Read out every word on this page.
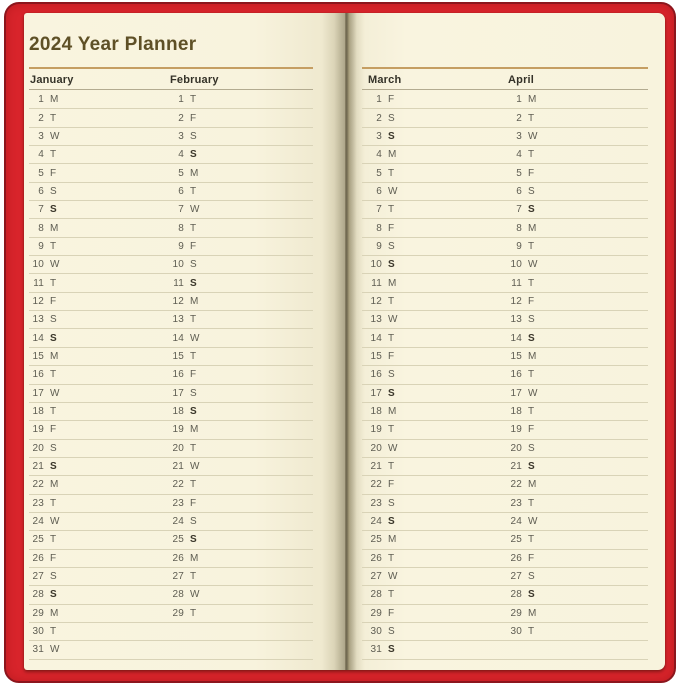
2024 Year Planner
January	February
1 M	1 T
2 T	2 F
3 W	3 S
4 T	4 S
5 F	5 M
6 S	6 T
7 S	7 W
8 M	8 T
9 T	9 F
10 W	10 S
11 T	11 S
12 F	12 M
13 S	13 T
14 S	14 W
15 M	15 T
16 T	16 F
17 W	17 S
18 T	18 S
19 F	19 M
20 S	20 T
21 S	21 W
22 M	22 T
23 T	23 F
24 W	24 S
25 T	25 S
26 F	26 M
27 S	27 T
28 S	28 W
29 M	29 T
30 T
31 W
March	April
1 F	1 M
2 S	2 T
3 S	3 W
4 M	4 T
5 T	5 F
6 W	6 S
7 T	7 S
8 F	8 M
9 S	9 T
10 S	10 W
11 M	11 T
12 T	12 F
13 W	13 S
14 T	14 S
15 F	15 M
16 S	16 T
17 S	17 W
18 M	18 T
19 T	19 F
20 W	20 S
21 T	21 S
22 F	22 M
23 S	23 T
24 S	24 W
25 M	25 T
26 T	26 F
27 W	27 S
28 T	28 S
29 F	29 M
30 S	30 T
31 S
